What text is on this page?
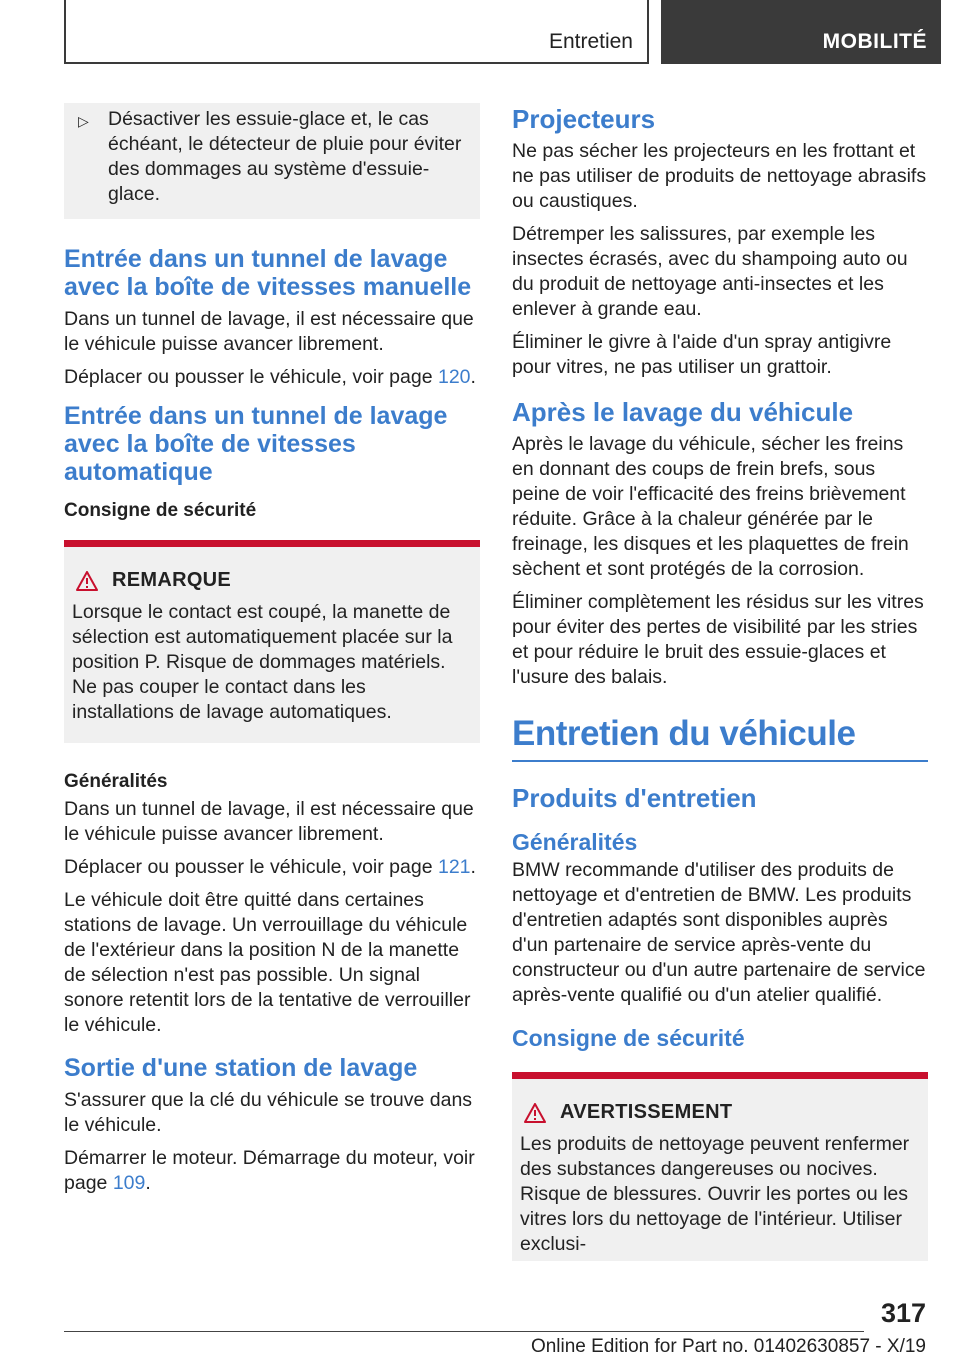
Entretien	MOBILITÉ
▷ Désactiver les essuie-glace et, le cas échéant, le détecteur de pluie pour éviter des dommages au système d'essuie-glace.
Entrée dans un tunnel de lavage avec la boîte de vitesses manuelle
Dans un tunnel de lavage, il est nécessaire que le véhicule puisse avancer librement.
Déplacer ou pousser le véhicule, voir page 120.
Entrée dans un tunnel de lavage avec la boîte de vitesses automatique
Consigne de sécurité
REMARQUE
Lorsque le contact est coupé, la manette de sélection est automatiquement placée sur la position P. Risque de dommages matériels. Ne pas couper le contact dans les installations de lavage automatiques.
Généralités
Dans un tunnel de lavage, il est nécessaire que le véhicule puisse avancer librement.
Déplacer ou pousser le véhicule, voir page 121.
Le véhicule doit être quitté dans certaines stations de lavage. Un verrouillage du véhicule de l'extérieur dans la position N de la manette de sélection n'est pas possible. Un signal sonore retentit lors de la tentative de verrouiller le véhicule.
Sortie d'une station de lavage
S'assurer que la clé du véhicule se trouve dans le véhicule.
Démarrer le moteur. Démarrage du moteur, voir page 109.
Projecteurs
Ne pas sécher les projecteurs en les frottant et ne pas utiliser de produits de nettoyage abrasifs ou caustiques.
Détremper les salissures, par exemple les insectes écrasés, avec du shampoing auto ou du produit de nettoyage anti-insectes et les enlever à grande eau.
Éliminer le givre à l'aide d'un spray antigivre pour vitres, ne pas utiliser un grattoir.
Après le lavage du véhicule
Après le lavage du véhicule, sécher les freins en donnant des coups de frein brefs, sous peine de voir l'efficacité des freins brièvement réduite. Grâce à la chaleur générée par le freinage, les disques et les plaquettes de frein sèchent et sont protégés de la corrosion.
Éliminer complètement les résidus sur les vitres pour éviter des pertes de visibilité par les stries et pour réduire le bruit des essuie-glaces et l'usure des balais.
Entretien du véhicule
Produits d'entretien
Généralités
BMW recommande d'utiliser des produits de nettoyage et d'entretien de BMW. Les produits d'entretien adaptés sont disponibles auprès d'un partenaire de service après-vente du constructeur ou d'un autre partenaire de service après-vente qualifié ou d'un atelier qualifié.
Consigne de sécurité
AVERTISSEMENT
Les produits de nettoyage peuvent renfermer des substances dangereuses ou nocives. Risque de blessures. Ouvrir les portes ou les vitres lors du nettoyage de l'intérieur. Utiliser exclusi-
317
Online Edition for Part no. 01402630857 - X/19
